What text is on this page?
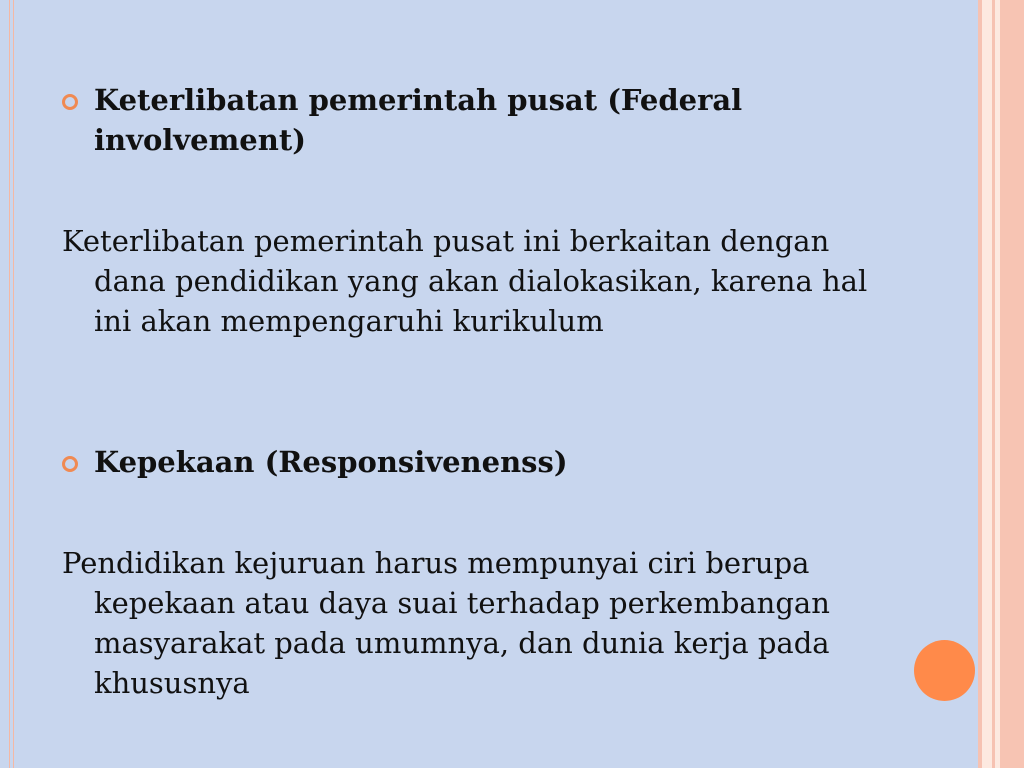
Keterlibatan pemerintah pusat (Federal involvement)
Keterlibatan pemerintah pusat ini berkaitan dengan dana pendidikan yang akan dialokasikan, karena hal ini akan mempengaruhi kurikulum
Kepekaan (Responsivenenss)
Pendidikan kejuruan harus mempunyai ciri berupa kepekaan atau daya suai terhadap perkembangan masyarakat pada umumnya, dan dunia kerja pada khususnya
